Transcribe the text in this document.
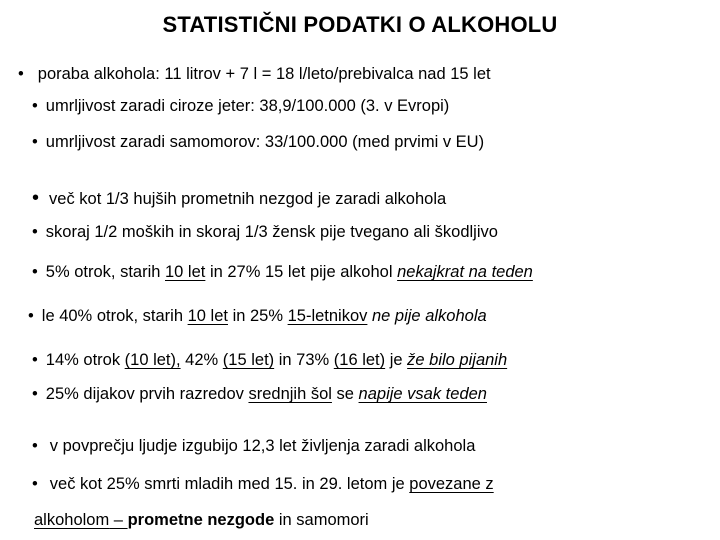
STATISTIČNI PODATKI O ALKOHOLU
• poraba alkohola: 11 litrov + 7 l = 18 l/leto/prebivalca nad 15 let
• umrljivost zaradi ciroze jeter: 38,9/100.000 (3. v Evropi)
• umrljivost zaradi samomorov: 33/100.000 (med prvimi v EU)
• več kot 1/3 hujših prometnih nezgod je zaradi alkohola
• skoraj 1/2 moških in skoraj 1/3 žensk pije tvegano ali škodljivo
• 5% otrok, starih 10 let in 27% 15 let pije alkohol nekajkrat na teden
• le 40% otrok, starih 10 let in 25% 15-letnikov ne pije alkohola
• 14% otrok (10 let), 42% (15 let) in 73% (16 let) je že bilo pijanih
• 25% dijakov prvih razredov srednjih šol se napije vsak teden
• v povprečju ljudje izgubijo 12,3 let življenja zaradi alkohola
• več kot 25% smrti mladih med 15. in 29. letom je povezane z
alkoholom – prometne nezgode in samomori
